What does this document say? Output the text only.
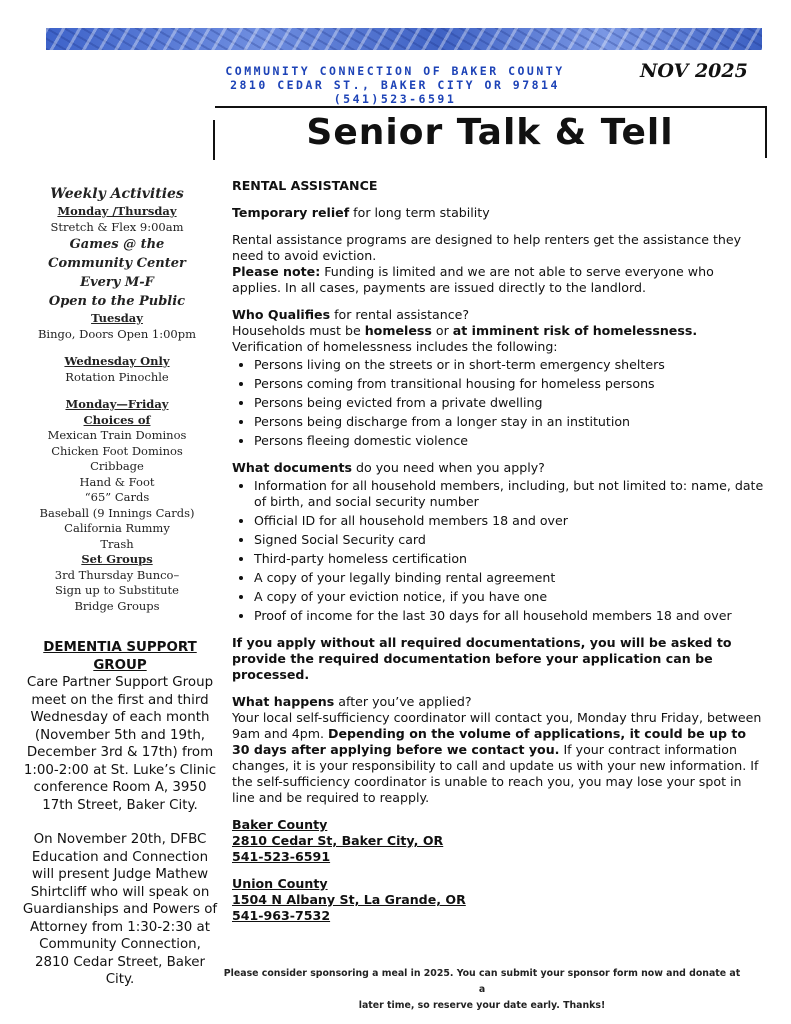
COMMUNITY CONNECTION OF BAKER COUNTY
2810 CEDAR ST., BAKER CITY OR 97814
(541)523-6591
NOV 2025
Senior Talk & Tell
Weekly Activities
Monday /Thursday
Stretch & Flex 9:00am
Games @ the
Community Center
Every M-F
Open to the Public
Tuesday
Bingo, Doors Open 1:00pm
Wednesday Only
Rotation Pinochle
Monday—Friday
Choices of
Mexican Train Dominos
Chicken Foot Dominos
Cribbage
Hand & Foot
“65” Cards
Baseball (9 Innings Cards)
California Rummy
Trash
Set Groups
3rd Thursday Bunco–
Sign up to Substitute
Bridge Groups
DEMENTIA SUPPORT GROUP
Care Partner Support Group meet on the first and third Wednesday of each month (November 5th and 19th, December 3rd & 17th) from 1:00-2:00 at St. Luke’s Clinic conference Room A, 3950 17th Street, Baker City.
On November 20th, DFBC Education and Connection will present Judge Mathew Shirtcliff who will speak on Guardianships and Powers of Attorney from 1:30-2:30 at Community Connection, 2810 Cedar Street, Baker City.

RENTAL ASSISTANCE

Temporary relief for long term stability

Rental assistance programs are designed to help renters get the assistance they need to avoid eviction.

Please note: Funding is limited and we are not able to serve everyone who applies. In all cases, payments are issued directly to the landlord.

Who Qualifies for rental assistance?

Households must be homeless or at imminent risk of homelessness.

Verification of homelessness includes the following:

• Persons living on the streets or in short-term emergency shelters
• Persons coming from transitional housing for homeless persons
• Persons being evicted from a private dwelling
• Persons being discharge from a longer stay in an institution
• Persons fleeing domestic violence

What documents do you need when you apply?

• Information for all household members, including, but not limited to: name, date of birth, and social security number
• Official ID for all household members 18 and over
• Signed Social Security card
• Third-party homeless certification
• A copy of your legally binding rental agreement
• A copy of your eviction notice, if you have one
• Proof of income for the last 30 days for all household members 18 and over

If you apply without all required documentations, you will be asked to provide the required documentation before your application can be processed.

What happens after you’ve applied?

Your local self-sufficiency coordinator will contact you, Monday thru Friday, between 9am and 4pm. Depending on the volume of applications, it could be up to 30 days after applying before we contact you. If your contract information changes, it is your responsibility to call and update us with your new information. If the self-sufficiency coordinator is unable to reach you, you may lose your spot in line and be required to reapply.

Baker County

2810 Cedar St, Baker City, OR

541-523-6591

Union County

1504 N Albany St, La Grande, OR

541-963-7532

Please consider sponsoring a meal in 2025. You can submit your sponsor form now and donate at a
later time, so reserve your date early. Thanks!
